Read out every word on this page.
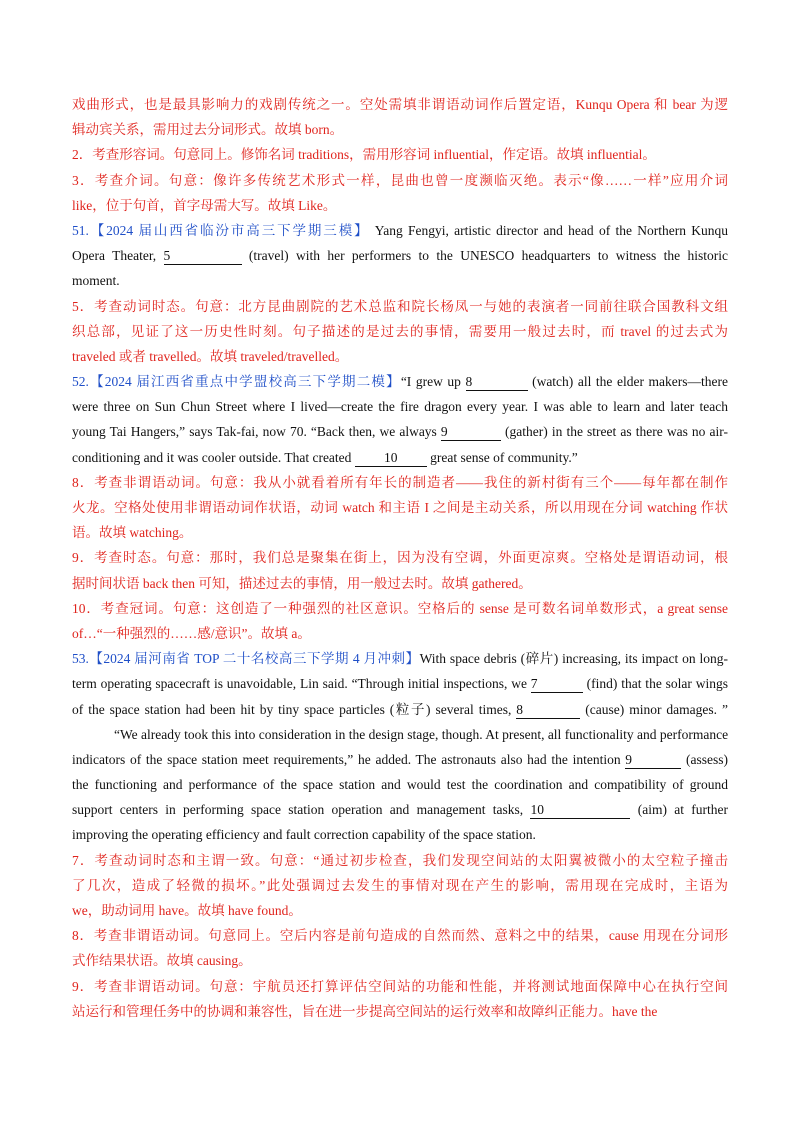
戏曲形式，也是最具影响力的戏剧传统之一。空处需填非谓语动词作后置定语，Kunqu Opera 和 bear 为逻
辑动宾关系，需用过去分词形式。故填 born。
2．考查形容词。句意同上。修饰名词 traditions，需用形容词 influential，作定语。故填 influential。
3．考查介词。句意：像许多传统艺术形式一样，昆曲也曾一度濒临灭绝。表示“像……一样”应用介词
like，位于句首，首字母需大写。故填 Like。
51.【2024 届山西省临汾市高三下学期三模】 Yang Fengyi, artistic director and head of the Northern Kunqu
Opera Theater, 5	(travel) with her performers to the UNESCO headquarters to witness the historic
moment.
5．考查动词时态。句意：北方昆曲剧院的艺术总监和院长杨凤一与她的表演者一同前往联合国教科文组
织总部，见证了这一历史性时刻。句子描述的是过去的事情，需要用一般过去时，而 travel 的过去式为
traveled 或者 travelled。故填 traveled/travelled。
52.【2024 届江西省重点中学盟校高三下学期二模】“I grew up 8	(watch) all the elder makers—there
were three on Sun Chun Street where I lived—create the fire dragon every year. I was able to learn and later teach
young Tai Hangers,” says Tak-fai, now 70. “Back then, we always 9	(gather) in the street as there was no air-
conditioning and it was cooler outside. That created 10 great sense of community.”
8．考查非谓语动词。句意：我从小就看着所有年长的制造者——我住的新村街有三个——每年都在制作
火龙。空格处使用非谓语动词作状语，动词 watch 和主语 I 之间是主动关系，所以用现在分词 watching 作状
语。故填 watching。
9．考查时态。句意：那时，我们总是聚集在街上，因为没有空调，外面更凉爽。空格处是谓语动词，根
据时间状语 back then 可知，描述过去的事情，用一般过去时。故填 gathered。
10．考查冠词。句意：这创造了一种强烈的社区意识。空格后的 sense 是可数名词单数形式，a great sense
of…“一种强烈的……感/意识”。故填 a。
53.【2024 届河南省 TOP 二十名校高三下学期 4 月冲刺】With space debris (碎片) increasing, its impact on long-
term operating spacecraft is unavoidable, Lin said. “Through initial inspections, we 7	(find) that the solar wings
of the space station had been hit by tiny space particles (粒子) several times, 8	(cause) minor damages. ”
“We already took this into consideration in the design stage, though. At present, all functionality and performance
indicators of the space station meet requirements,” he added. The astronauts also had the intention 9	(assess)
the functioning and performance of the space station and would test the coordination and compatibility of ground
support centers in performing space station operation and management tasks, 10	(aim) at further
improving the operating efficiency and fault correction capability of the space station.
7．考查动词时态和主谓一致。句意：“通过初步检查，我们发现空间站的太阳翼被微小的太空粒子撞击
了几次，造成了轻微的损坏。”此处强调过去发生的事情对现在产生的影响，需用现在完成时，主语为
we，助动词用 have。故填 have found。
8．考查非谓语动词。句意同上。空后内容是前句造成的自然而然、意料之中的结果，cause 用现在分词形
式作结果状语。故填 causing。
9．考查非谓语动词。句意：宇航员还打算评估空间站的功能和性能，并将测试地面保障中心在执行空间
站运行和管理任务中的协调和兼容性，旨在进一步提高空间站的运行效率和故障纠正能力。have the
